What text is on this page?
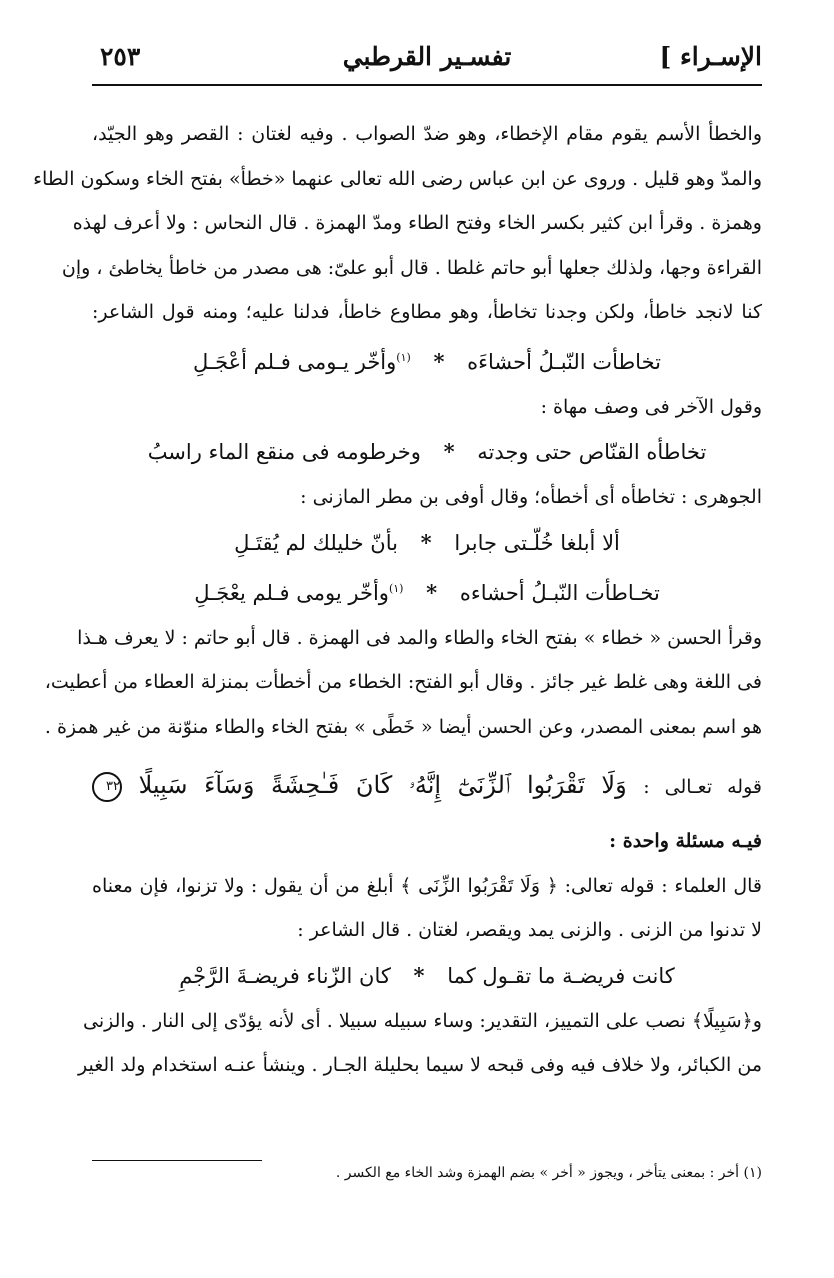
الإسـراء ]
تفسـير القرطبي
٢٥٣
والخطأ الأسم يقوم مقام الإخطاء، وهو ضدّ الصواب . وفيه لغتان : القصر وهو الجيّد،
والمدّ وهو قليل . وروى عن ابن عباس رضى الله تعالى عنهما «خطأ» بفتح الخاء وسكون الطاء
وهمزة . وقرأ ابن كثير بكسر الخاء وفتح الطاء ومدّ الهمزة . قال النحاس : ولا أعرف لهذه
القراءة وجها، ولذلك جعلها أبو حاتم غلطا . قال أبو علىّ: هى مصدر من خاطأ يخاطئ ، وإن
كنا لانجد خاطأ، ولكن وجدنا تخاطأ، وهو مطاوع خاطأ، فدلنا عليه؛ ومنه قول الشاعر:
تخاطأت النّبـلُ أحشاءَه * $^{(١)}$وأخّر يـومى فـلم أعْجَـلِ
وقول الآخر فى وصف مهاة :
تخاطأه القنّاص حتى وجدته * وخرطومه فى منقع الماء راسبُ
الجوهرى : تخاطأه أى أخطأه؛ وقال أوفى بن مطر المازنى :
ألا أبلغا خُلّـتى جابرا * بأنّ خليلك لم يُقتَـلِ
تخـاطأت النّبـلُ أحشاءه * $^{(١)}$وأخّر يومى فـلم يعْجَـلِ
وقرأ الحسن « خطاء » بفتح الخاء والطاء والمد فى الهمزة . قال أبو حاتم : لا يعرف هـذا
فى اللغة وهى غلط غير جائز . وقال أبو الفتح: الخطاء من أخطأت بمنزلة العطاء من أعطيت،
هو اسم بمعنى المصدر، وعن الحسن أيضا « خَطًى » بفتح الخاء والطاء منوّنة من غير همزة .
قوله تعـالى : وَلَا تَقْرَبُوا ٱلزِّنَىٰٓ إِنَّهُۥ كَانَ فَـٰحِشَةً وَسَآءَ سَبِيلًا ٣٢
فيـه مسئلة واحدة :
قال العلماء : قوله تعالى: ﴿ وَلَا تَقْرَبُوا الزِّنَى ﴾ أبلغ من أن يقول : ولا تزنوا، فإن معناه
لا تدنوا من الزنى . والزنى يمد ويقصر، لغتان . قال الشاعر :
كانت فريضـة ما تقـول كما * كان الزّناء فريضـةَ الرَّجْمِ
و﴿سَبِيلًا﴾ نصب على التمييز، التقدير: وساء سبيله سبيلا . أى لأنه يؤدّى إلى النار . والزنى
من الكبائر، ولا خلاف فيه وفى قبحه لا سيما بحليلة الجـار . وينشأ عنـه استخدام ولد الغير
(١) أخر : بمعنى يتأخر ، ويجوز « أخر » بضم الهمزة وشد الخاء مع الكسر .
